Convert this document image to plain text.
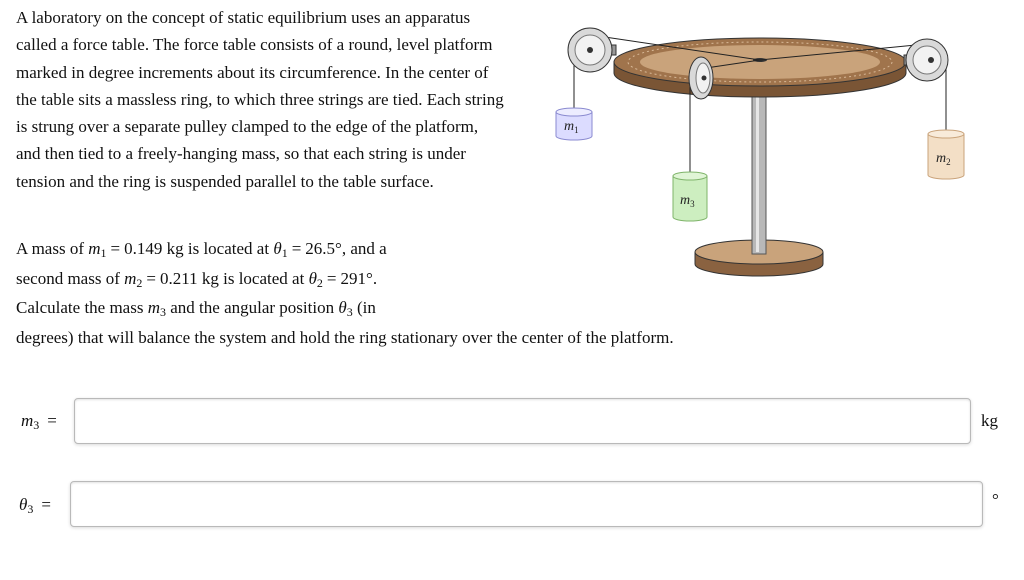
A laboratory on the concept of static equilibrium uses an apparatus called a force table. The force table consists of a round, level platform marked in degree increments about its circumference. In the center of the table sits a massless ring, to which three strings are tied. Each string is strung over a separate pulley clamped to the edge of the platform, and then tied to a freely-hanging mass, so that each string is under tension and the ring is suspended parallel to the table surface.

A mass of $m_1 = 0.149$ kg is located at $\theta_1 = 26.5^\circ$, and a
second mass of $m_2 = 0.211$ kg is located at $\theta_2 = 291^\circ$.
Calculate the mass $m_3$ and the angular position $\theta_3$ (in
degrees) that will balance the system and hold the ring stationary over the center of the platform.
$m_1$
$m_2$
$m_3$
$m_3$ =	kg
$\theta_3$ =	°
